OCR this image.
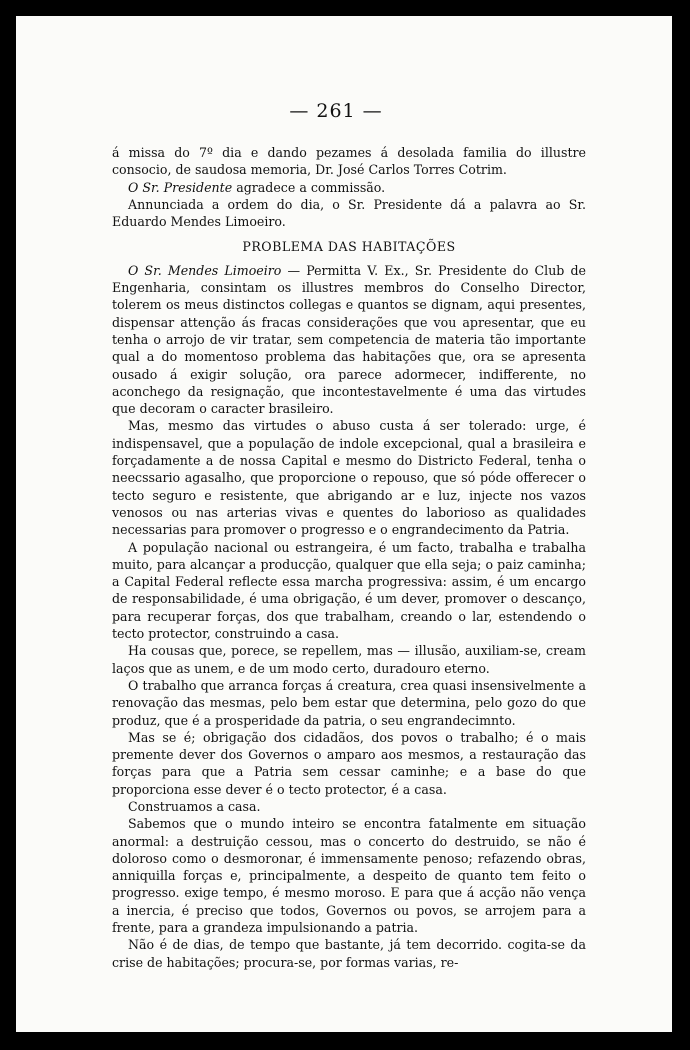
— 261 —

á missa do 7º dia e dando pezames á desolada familia do illustre consocio, de saudosa memoria, Dr. José Carlos Torres Cotrim.

O Sr. Presidente agradece a commissão.

Annunciada a ordem do dia, o Sr. Presidente dá a palavra ao Sr. Eduardo Mendes Limoeiro.

PROBLEMA DAS HABITAÇÕES

O Sr. Mendes Limoeiro — Permitta V. Ex., Sr. Presidente do Club de Engenharia, consintam os illustres membros do Conselho Director, tolerem os meus distinctos collegas e quantos se dignam, aqui presentes, dispensar attenção ás fracas considerações que vou apresentar, que eu tenha o arrojo de vir tratar, sem competencia de materia tão importante qual a do momentoso problema das habitações que, ora se apresenta ousado á exigir solução, ora parece adormecer, indifferente, no aconchego da resignação, que incontestavelmente é uma das virtudes que decoram o caracter brasileiro.

Mas, mesmo das virtudes o abuso custa á ser tolerado: urge, é indispensavel, que a população de indole excepcional, qual a brasileira e forçadamente a de nossa Capital e mesmo do Districto Federal, tenha o neecssario agasalho, que proporcione o repouso, que só póde offerecer o tecto seguro e resistente, que abrigando ar e luz, injecte nos vazos venosos ou nas arterias vivas e quentes do laborioso as qualidades necessarias para promover o progresso e o engrandecimento da Patria.

A população nacional ou estrangeira, é um facto, trabalha e trabalha muito, para alcançar a producção, qualquer que ella seja; o paiz caminha; a Capital Federal reflecte essa marcha progressiva: assim, é um encargo de responsabilidade, é uma obrigação, é um dever, promover o descanço, para recuperar forças, dos que trabalham, creando o lar, estendendo o tecto protector, construindo a casa.

Ha cousas que, porece, se repellem, mas — illusão, auxiliam-se, cream laços que as unem, e de um modo certo, duradouro eterno.

O trabalho que arranca forças á creatura, crea quasi insensivelmente a renovação das mesmas, pelo bem estar que determina, pelo gozo do que produz, que é a prosperidade da patria, o seu engrandecimnto.

Mas se é; obrigação dos cidadãos, dos povos o trabalho; é o mais premente dever dos Governos o amparo aos mesmos, a restauração das forças para que a Patria sem cessar caminhe; e a base do que proporciona esse dever é o tecto protector, é a casa.

Construamos a casa.

Sabemos que o mundo inteiro se encontra fatalmente em situação anormal: a destruição cessou, mas o concerto do destruido, se não é doloroso como o desmoronar, é immensamente penoso; refazendo obras, anniquilla forças e, principalmente, a despeito de quanto tem feito o progresso. exige tempo, é mesmo moroso. E para que á acção não vença a inercia, é preciso que todos, Governos ou povos, se arrojem para a frente, para a grandeza impulsionando a patria.

Não é de dias, de tempo que bastante, já tem decorrido. cogita-se da crise de habitações; procura-se, por formas varias, re-
